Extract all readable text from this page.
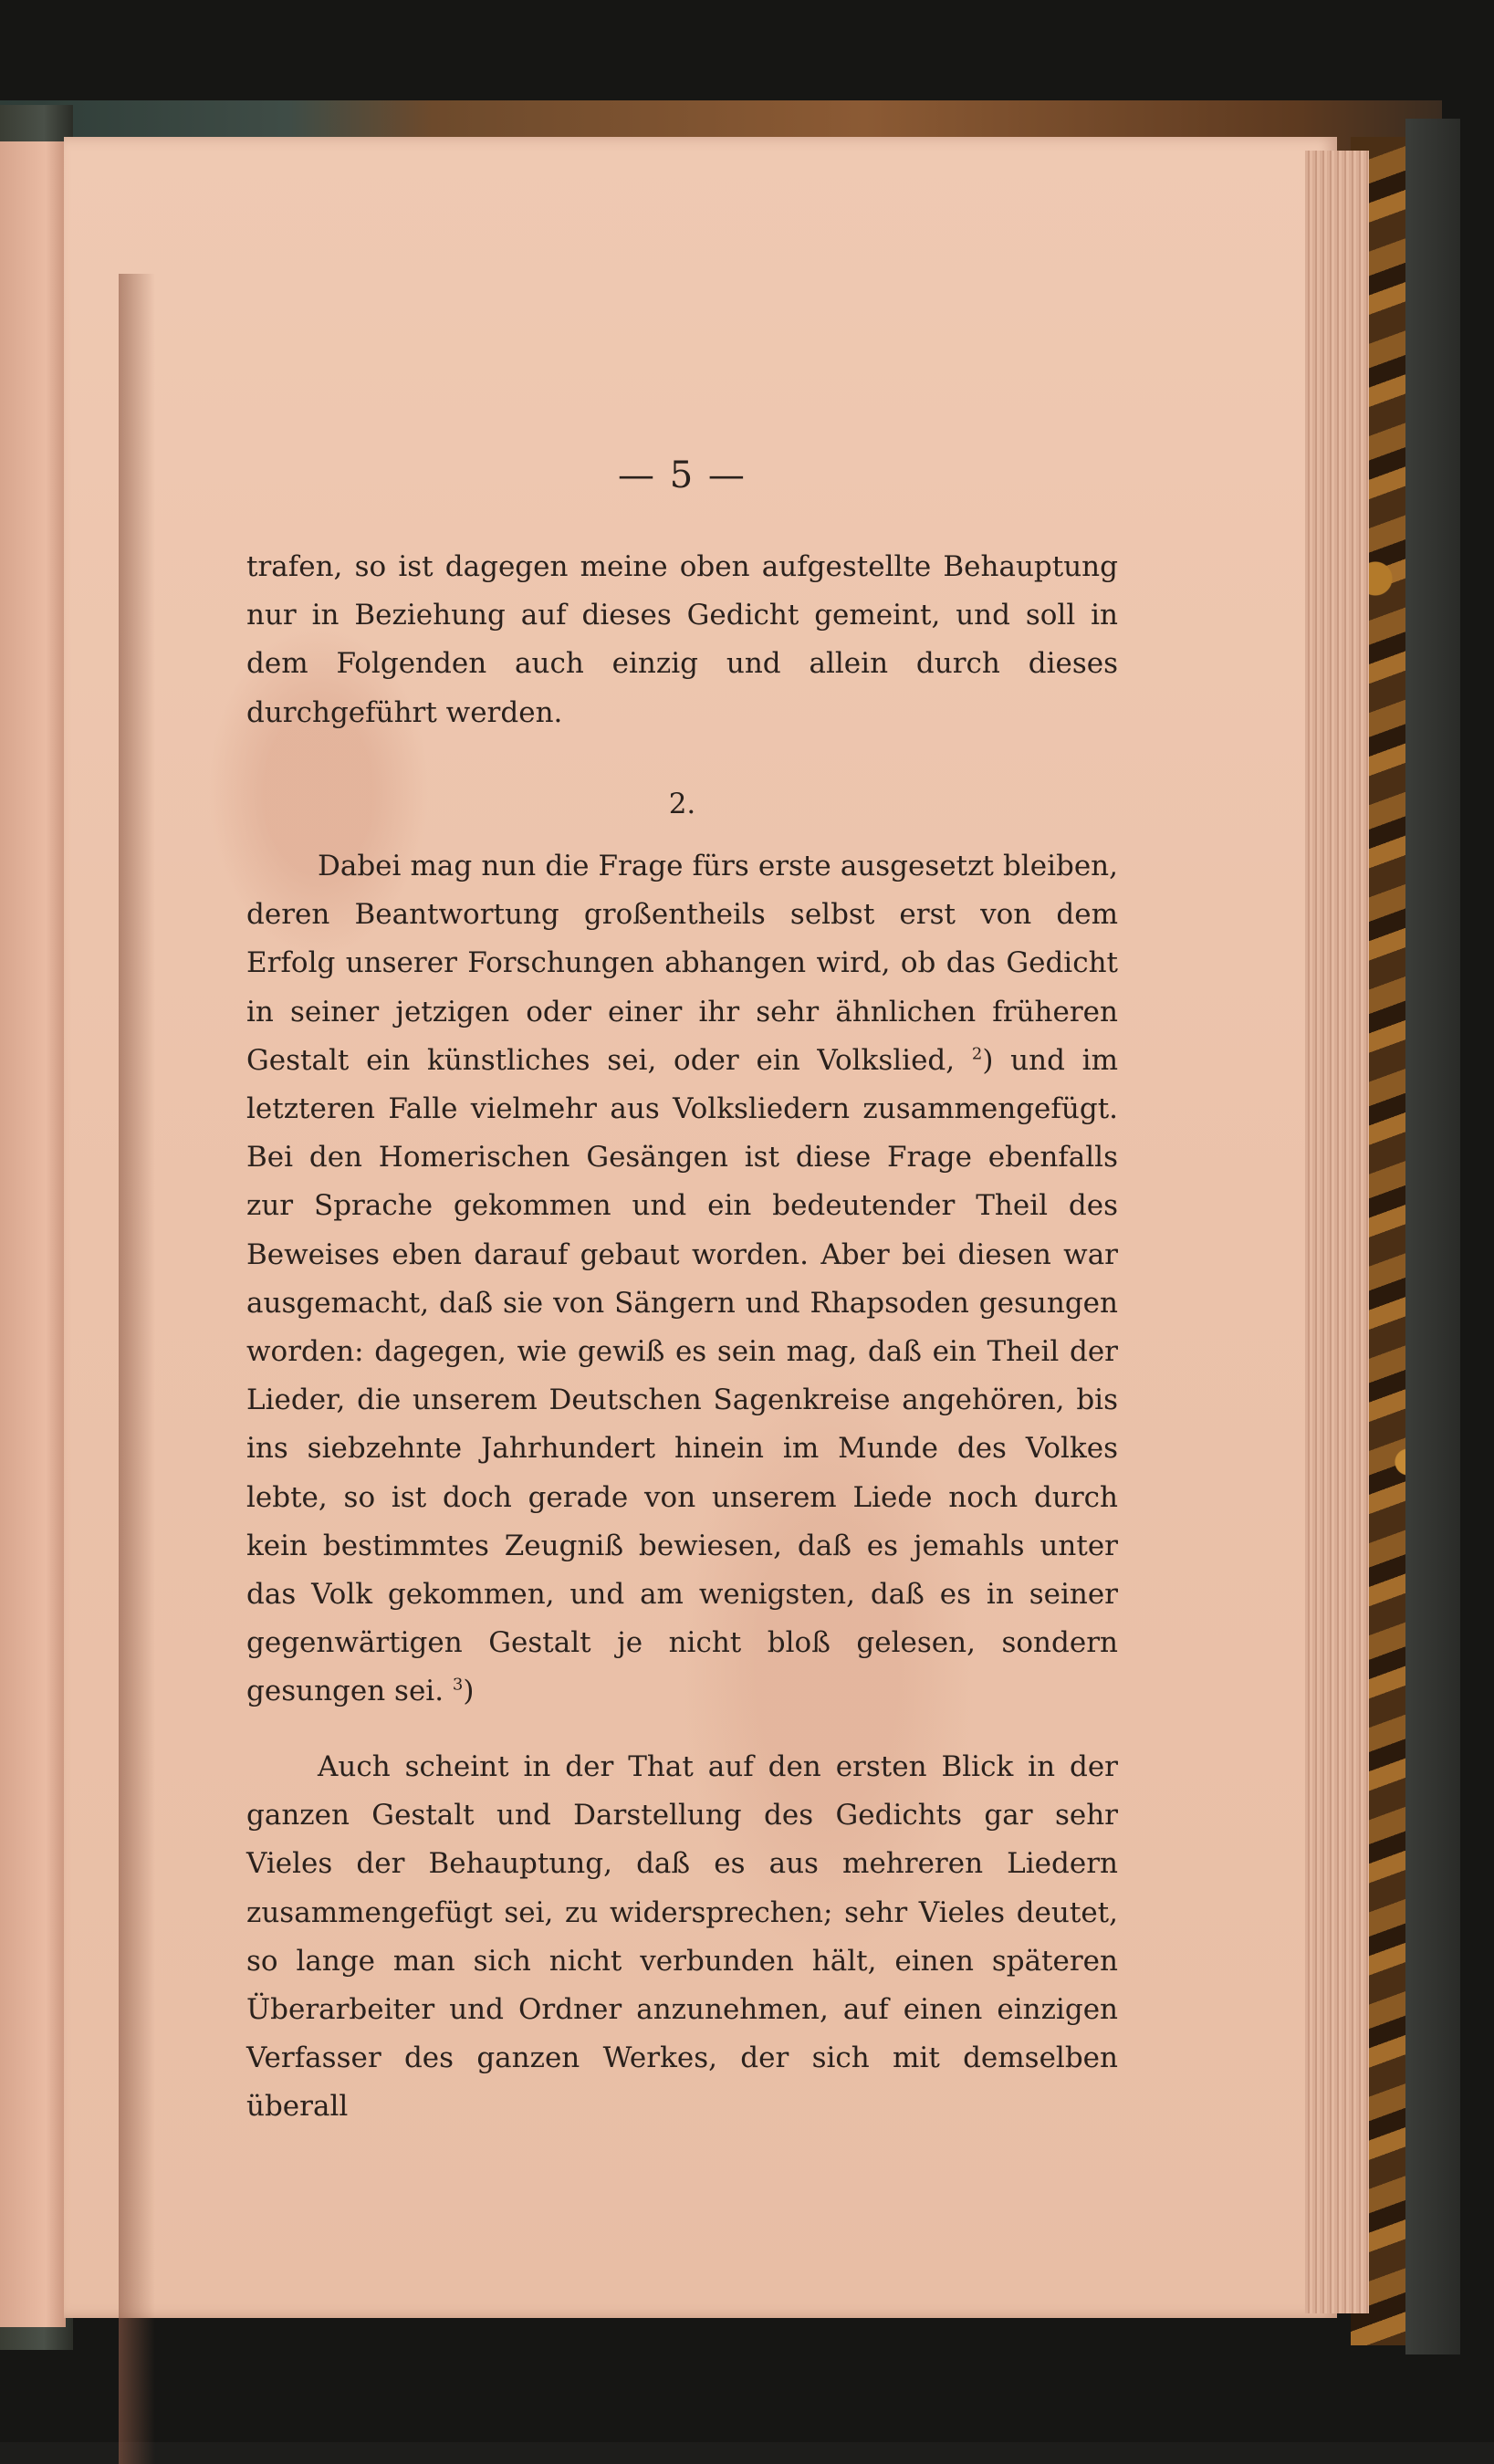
— 5 —

trafen, so ist dagegen meine oben aufgestellte Behauptung nur in Beziehung auf dieses Gedicht gemeint, und soll in dem Folgenden auch einzig und allein durch dieses durchgeführt werden.

2.

Dabei mag nun die Frage fürs erste ausgesetzt bleiben, deren Beantwortung großentheils selbst erst von dem Erfolg unserer Forschungen abhangen wird, ob das Gedicht in seiner jetzigen oder einer ihr sehr ähnlichen früheren Gestalt ein künstliches sei, oder ein Volkslied, $^2$) und im letzteren Falle vielmehr aus Volksliedern zusammengefügt. Bei den Homerischen Gesängen ist diese Frage ebenfalls zur Sprache gekommen und ein bedeutender Theil des Beweises eben darauf gebaut worden. Aber bei diesen war ausgemacht, daß sie von Sängern und Rhapsoden gesungen worden: dagegen, wie gewiß es sein mag, daß ein Theil der Lieder, die unserem Deutschen Sagenkreise angehören, bis ins siebzehnte Jahrhundert hinein im Munde des Volkes lebte, so ist doch gerade von unserem Liede noch durch kein bestimmtes Zeugniß bewiesen, daß es jemahls unter das Volk gekommen, und am wenigsten, daß es in seiner gegenwärtigen Gestalt je nicht bloß gelesen, sondern gesungen sei. $^3$)

Auch scheint in der That auf den ersten Blick in der ganzen Gestalt und Darstellung des Gedichts gar sehr Vieles der Behauptung, daß es aus mehreren Liedern zusammengefügt sei, zu widersprechen; sehr Vieles deutet, so lange man sich nicht verbunden hält, einen späteren Überarbeiter und Ordner anzunehmen, auf einen einzigen Verfasser des ganzen Werkes, der sich mit demselben überall
